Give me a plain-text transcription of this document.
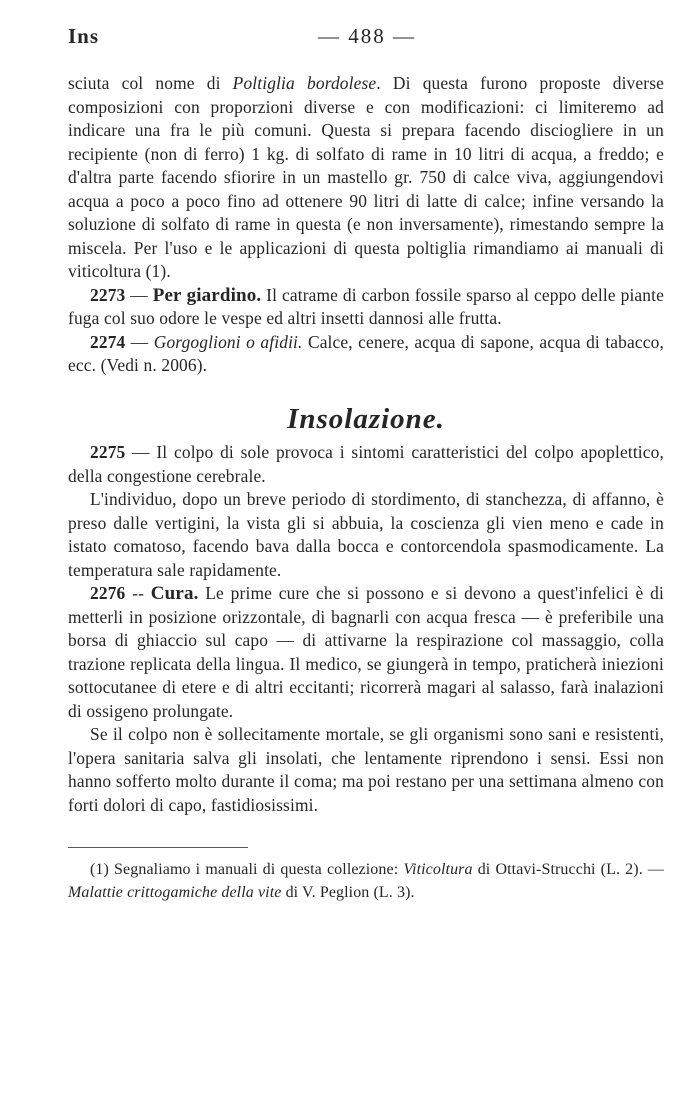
Ins	— 488 —

sciuta col nome di Poltiglia bordolese. Di questa furono proposte diverse composizioni con proporzioni diverse e con modificazioni: ci limiteremo ad indicare una fra le più comuni. Questa si prepara facendo disciogliere in un recipiente (non di ferro) 1 kg. di solfato di rame in 10 litri di acqua, a freddo; e d'altra parte facendo sfiorire in un mastello gr. 750 di calce viva, aggiungendovi acqua a poco a poco fino ad ottenere 90 litri di latte di calce; infine versando la soluzione di solfato di rame in questa (e non inversamente), rimestando sempre la miscela. Per l'uso e le applicazioni di questa poltiglia rimandiamo ai manuali di viticoltura (1).

2273 — Per giardino. Il catrame di carbon fossile sparso al ceppo delle piante fuga col suo odore le vespe ed altri insetti dannosi alle frutta.

2274 — Gorgoglioni o afidii. Calce, cenere, acqua di sapone, acqua di tabacco, ecc. (Vedi n. 2006).

Insolazione.

2275 — Il colpo di sole provoca i sintomi caratteristici del colpo apoplettico, della congestione cerebrale.

L'individuo, dopo un breve periodo di stordimento, di stanchezza, di affanno, è preso dalle vertigini, la vista gli si abbuia, la coscienza gli vien meno e cade in istato comatoso, facendo bava dalla bocca e contorcendola spasmodicamente. La temperatura sale rapidamente.

2276 -- Cura. Le prime cure che si possono e si devono a quest'infelici è di metterli in posizione orizzontale, di bagnarli con acqua fresca — è preferibile una borsa di ghiaccio sul capo — di attivarne la respirazione col massaggio, colla trazione replicata della lingua. Il medico, se giungerà in tempo, praticherà iniezioni sottocutanee di etere e di altri eccitanti; ricorrerà magari al salasso, farà inalazioni di ossigeno prolungate.

Se il colpo non è sollecitamente mortale, se gli organismi sono sani e resistenti, l'opera sanitaria salva gli insolati, che lentamente riprendono i sensi. Essi non hanno sofferto molto durante il coma; ma poi restano per una settimana almeno con forti dolori di capo, fastidiosissimi.

(1) Segnaliamo i manuali di questa collezione: Viticoltura di Ottavi-Strucchi (L. 2). — Malattie crittogamiche della vite di V. Peglion (L. 3).
